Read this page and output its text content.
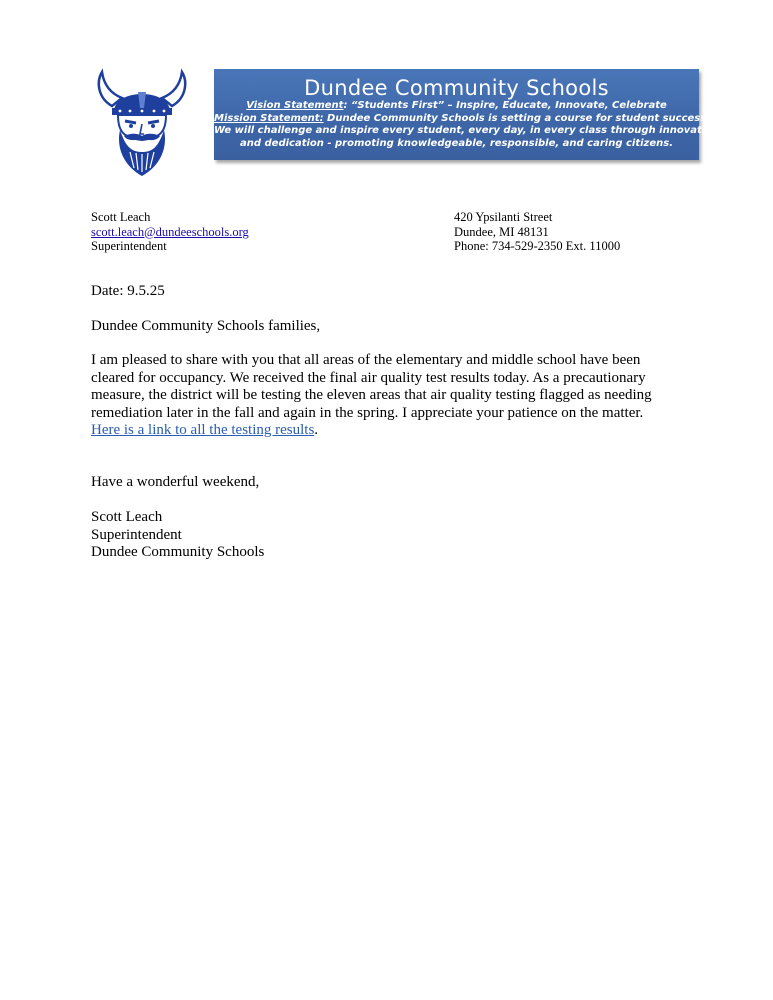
Dundee Community Schools
Vision Statement: “Students First” – Inspire, Educate, Innovate, Celebrate
Mission Statement: Dundee Community Schools is setting a course for student success.
We will challenge and inspire every student, every day, in every class through innovation
and dedication - promoting knowledgeable, responsible, and caring citizens.
Scott Leach
scott.leach@dundeeschools.org
Superintendent
420 Ypsilanti Street
Dundee, MI 48131
Phone: 734-529-2350 Ext. 11000
Date: 9.5.25
Dundee Community Schools families,
I am pleased to share with you that all areas of the elementary and middle school have been
cleared for occupancy. We received the final air quality test results today. As a precautionary
measure, the district will be testing the eleven areas that air quality testing flagged as needing
remediation later in the fall and again in the spring. I appreciate your patience on the matter.
Here is a link to all the testing results.
Have a wonderful weekend,
Scott Leach
Superintendent
Dundee Community Schools
